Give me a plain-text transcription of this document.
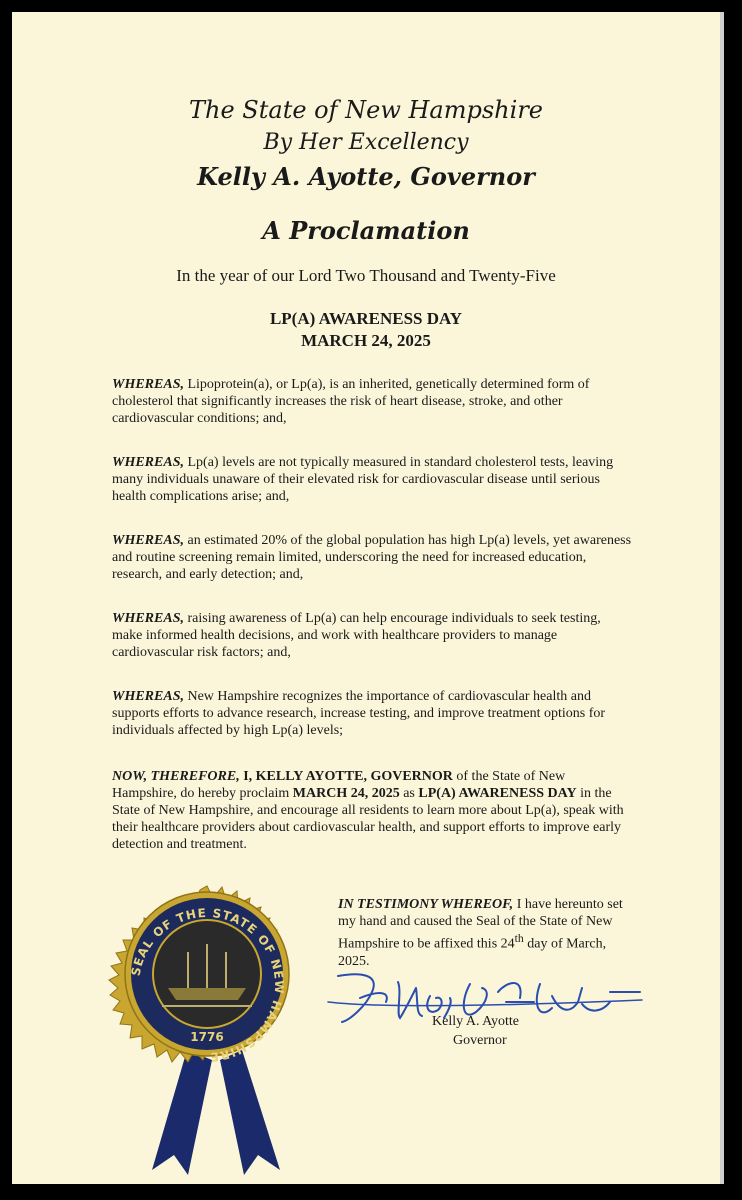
The State of New Hampshire

By Her Excellency

Kelly A. Ayotte, Governor

A Proclamation

In the year of our Lord Two Thousand and Twenty-Five

LP(A) AWARENESS DAY

MARCH 24, 2025

WHEREAS, Lipoprotein(a), or Lp(a), is an inherited, genetically determined form of cholesterol that significantly increases the risk of heart disease, stroke, and other cardiovascular conditions; and,

WHEREAS, Lp(a) levels are not typically measured in standard cholesterol tests, leaving many individuals unaware of their elevated risk for cardiovascular disease until serious health complications arise; and,

WHEREAS, an estimated 20% of the global population has high Lp(a) levels, yet awareness and routine screening remain limited, underscoring the need for increased education, research, and early detection; and,

WHEREAS, raising awareness of Lp(a) can help encourage individuals to seek testing, make informed health decisions, and work with healthcare providers to manage cardiovascular risk factors; and,

WHEREAS, New Hampshire recognizes the importance of cardiovascular health and supports efforts to advance research, increase testing, and improve treatment options for individuals affected by high Lp(a) levels;

NOW, THEREFORE, I, KELLY AYOTTE, GOVERNOR of the State of New Hampshire, do hereby proclaim MARCH 24, 2025 as LP(A) AWARENESS DAY in the State of New Hampshire, and encourage all residents to learn more about Lp(a), speak with their healthcare providers about cardiovascular health, and support efforts to improve early detection and treatment.

IN TESTIMONY WHEREOF, I have hereunto set my hand and caused the Seal of the State of New Hampshire to be affixed this 24th day of March, 2025.

Kelly A. Ayotte

Governor

SEAL OF THE STATE OF NEW HAMPSHIRE
1776
